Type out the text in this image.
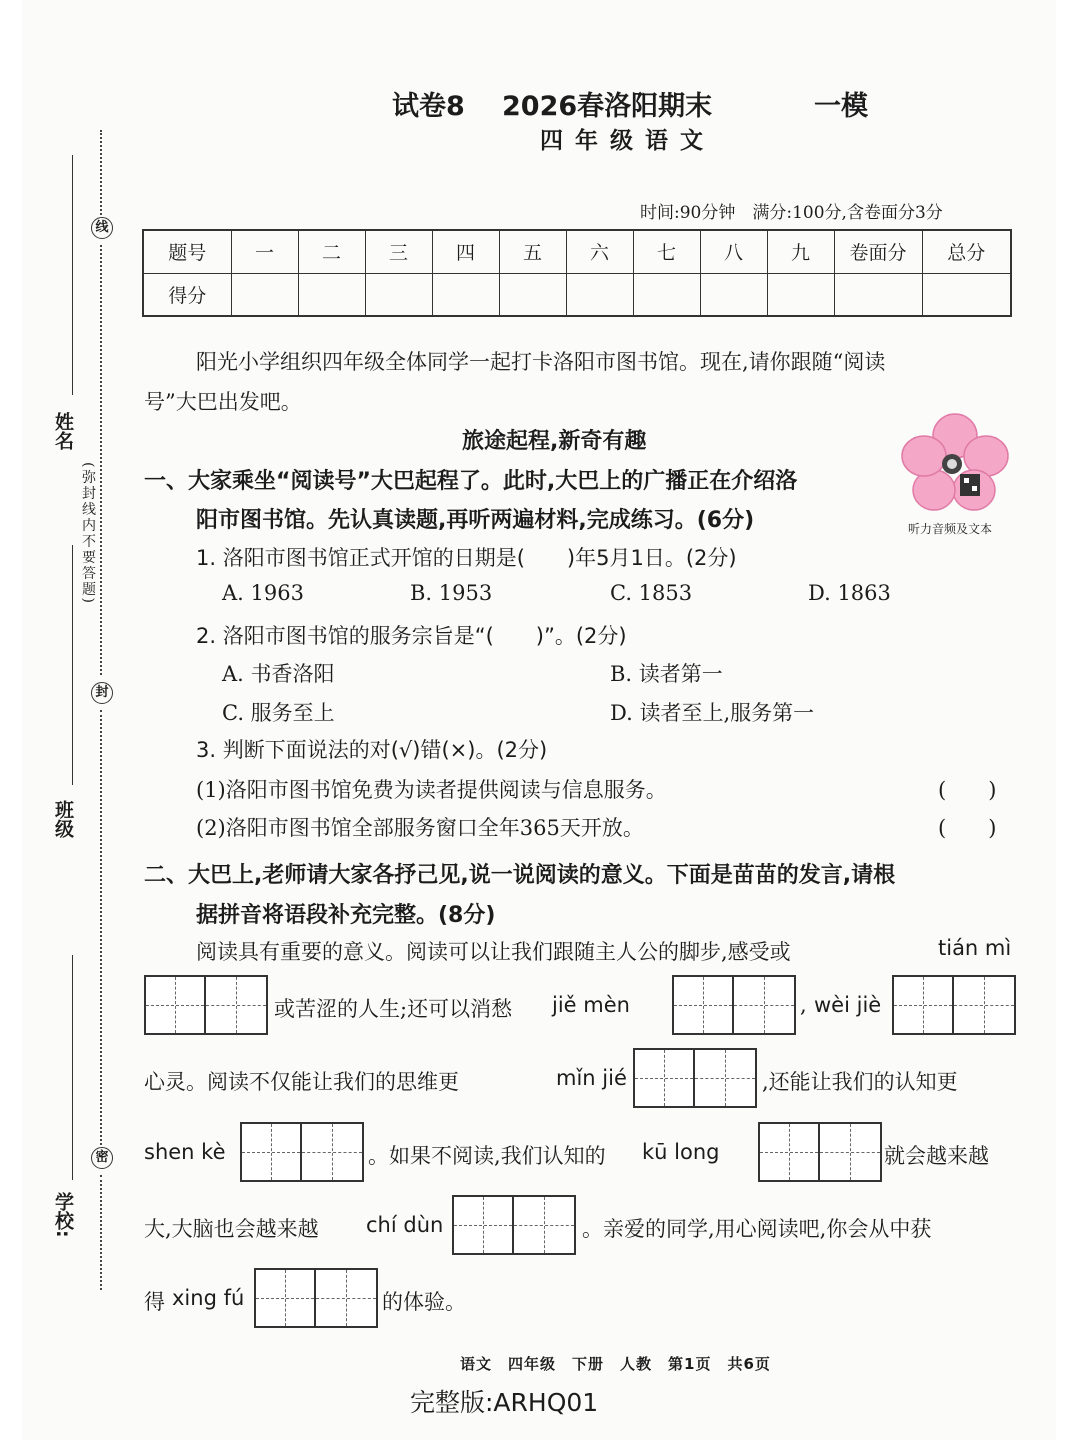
线
封
密
姓名
(弥封线内不要答题)
班级
学校:
试卷8 2026春洛阳期末	一模
四年级语文
时间:90分钟　满分:100分,含卷面分3分
题号	一	二	三	四	五	六	七	八	九	卷面分	总分
得分											
阳光小学组织四年级全体同学一起打卡洛阳市图书馆。现在,请你跟随“阅读
号”大巴出发吧。
旅途起程,新奇有趣
听力音频及文本
一、大家乘坐“阅读号”大巴起程了。此时,大巴上的广播正在介绍洛
阳市图书馆。先认真读题,再听两遍材料,完成练习。(6分)
1. 洛阳市图书馆正式开馆的日期是(　　)年5月1日。(2分)
A. 1963	B. 1953	C. 1853	D. 1863
2. 洛阳市图书馆的服务宗旨是“(　　)”。(2分)
A. 书香洛阳	B. 读者第一
C. 服务至上	D. 读者至上,服务第一
3. 判断下面说法的对(√)错(×)。(2分)
(1)洛阳市图书馆免费为读者提供阅读与信息服务。	(　　)
(2)洛阳市图书馆全部服务窗口全年365天开放。	(　　)
二、大巴上,老师请大家各抒己见,说一说阅读的意义。下面是苗苗的发言,请根
据拼音将语段补充完整。(8分)
阅读具有重要的意义。阅读可以让我们跟随主人公的脚步,感受或	tián mì
或苦涩的人生;还可以消愁 jiě mèn	, wèi jiè
心灵。阅读不仅能让我们的思维更	mǐn jié	,还能让我们的认知更
shen kè	。如果不阅读,我们认知的 kū long	就会越来越
大,大脑也会越来越 chí dùn	。亲爱的同学,用心阅读吧,你会从中获
得 xing fú	的体验。
语文　四年级　下册　人教　第1页　共6页
完整版:ARHQ01
